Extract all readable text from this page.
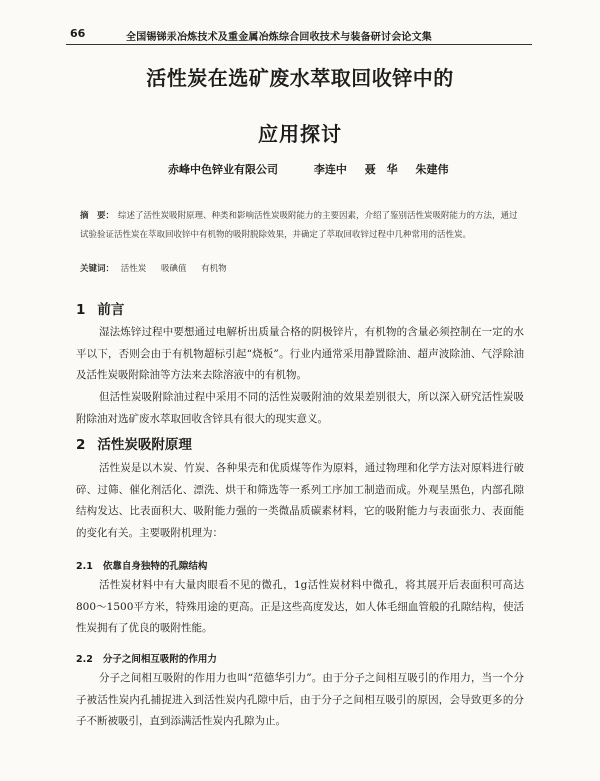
66	全国锡锑汞冶炼技术及重金属冶炼综合回收技术与装备研讨会论文集
活性炭在选矿废水萃取回收锌中的
应用探讨
赤峰中色锌业有限公司	李连中 聂　华 朱建伟
摘　要： 综述了活性炭吸附原理、种类和影响活性炭吸附能力的主要因素，介绍了鉴别活性炭吸附能力的方法，通过试验验证活性炭在萃取回收锌中有机物的吸附脱除效果，并确定了萃取回收锌过程中几种常用的活性炭。
关键词： 活性炭 吸碘值 有机物
1 前言
湿法炼锌过程中要想通过电解析出质量合格的阴极锌片，有机物的含量必须控制在一定的水平以下，否则会由于有机物超标引起“烧板”。行业内通常采用静置除油、超声波除油、气浮除油及活性炭吸附除油等方法来去除溶液中的有机物。
但活性炭吸附除油过程中采用不同的活性炭吸附油的效果差别很大，所以深入研究活性炭吸附除油对选矿废水萃取回收含锌具有很大的现实意义。
2 活性炭吸附原理
活性炭是以木炭、竹炭、各种果壳和优质煤等作为原料，通过物理和化学方法对原料进行破碎、过筛、催化剂活化、漂洗、烘干和筛选等一系列工序加工制造而成。外观呈黑色，内部孔隙结构发达、比表面积大、吸附能力强的一类微晶质碳素材料，它的吸附能力与表面张力、表面能的变化有关。主要吸附机理为：
2.1 依靠自身独特的孔隙结构
活性炭材料中有大量肉眼看不见的微孔，1g活性炭材料中微孔，将其展开后表面积可高达800～1500平方米，特殊用途的更高。正是这些高度发达，如人体毛细血管般的孔隙结构，使活性炭拥有了优良的吸附性能。
2.2 分子之间相互吸附的作用力
分子之间相互吸附的作用力也叫“范德华引力”。由于分子之间相互吸引的作用力，当一个分子被活性炭内孔捕捉进入到活性炭内孔隙中后，由于分子之间相互吸引的原因，会导致更多的分子不断被吸引，直到添满活性炭内孔隙为止。
